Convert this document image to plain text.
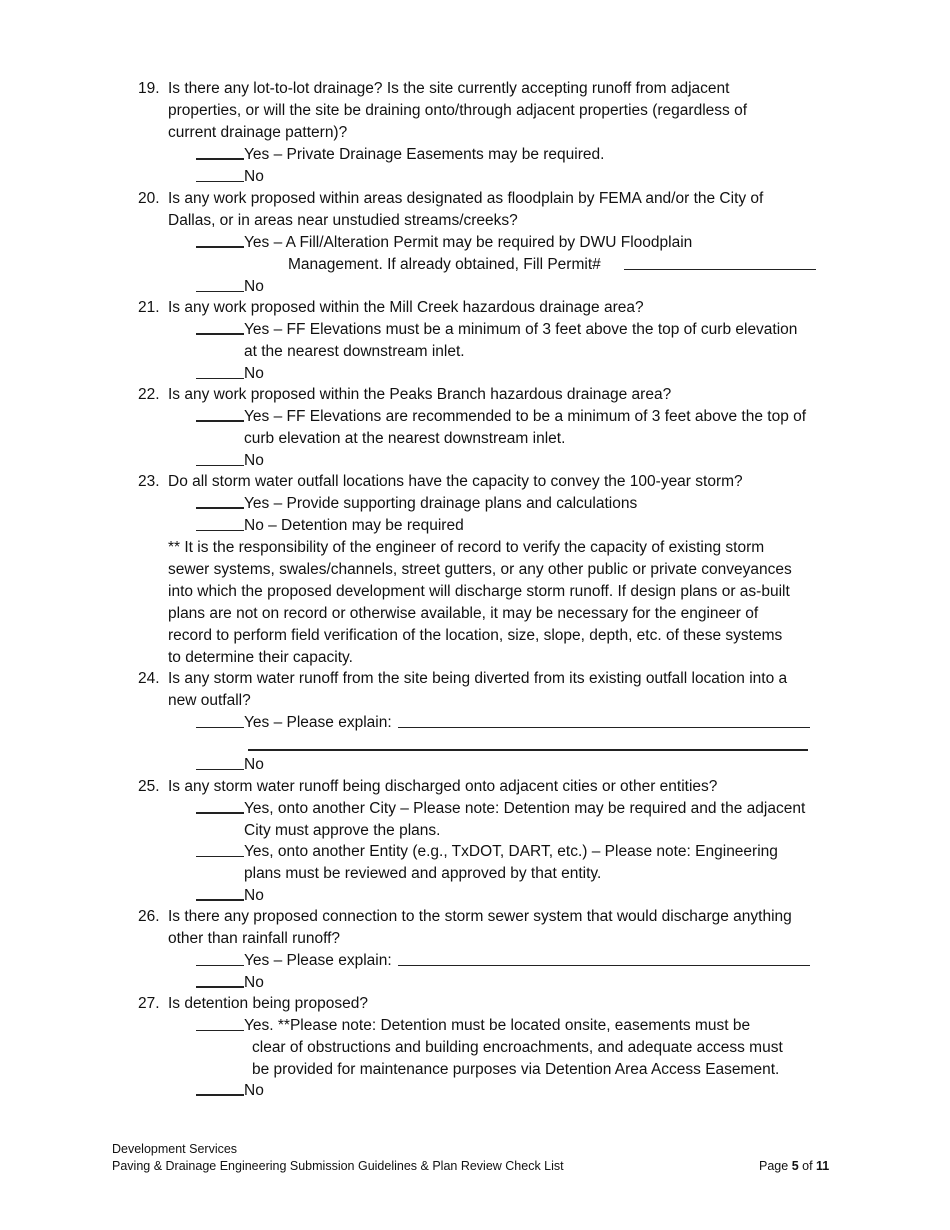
19. Is there any lot-to-lot drainage? Is the site currently accepting runoff from adjacent
properties, or will the site be draining onto/through adjacent properties (regardless of
current drainage pattern)?
Yes – Private Drainage Easements may be required.
No
20. Is any work proposed within areas designated as floodplain by FEMA and/or the City of
Dallas, or in areas near unstudied streams/creeks?
Yes – A Fill/Alteration Permit may be required by DWU Floodplain
Management. If already obtained, Fill Permit#
No
21. Is any work proposed within the Mill Creek hazardous drainage area?
Yes – FF Elevations must be a minimum of 3 feet above the top of curb elevation
at the nearest downstream inlet.
No
22. Is any work proposed within the Peaks Branch hazardous drainage area?
Yes – FF Elevations are recommended to be a minimum of 3 feet above the top of
curb elevation at the nearest downstream inlet.
No
23. Do all storm water outfall locations have the capacity to convey the 100-year storm?
Yes – Provide supporting drainage plans and calculations
No – Detention may be required
** It is the responsibility of the engineer of record to verify the capacity of existing storm
sewer systems, swales/channels, street gutters, or any other public or private conveyances
into which the proposed development will discharge storm runoff. If design plans or as-built
plans are not on record or otherwise available, it may be necessary for the engineer of
record to perform field verification of the location, size, slope, depth, etc. of these systems
to determine their capacity.
24. Is any storm water runoff from the site being diverted from its existing outfall location into a
new outfall?
Yes – Please explain:
No
25. Is any storm water runoff being discharged onto adjacent cities or other entities?
Yes, onto another City – Please note: Detention may be required and the adjacent
City must approve the plans.
Yes, onto another Entity (e.g., TxDOT, DART, etc.) – Please note: Engineering
plans must be reviewed and approved by that entity.
No
26. Is there any proposed connection to the storm sewer system that would discharge anything
other than rainfall runoff?
Yes – Please explain:
No
27. Is detention being proposed?
Yes. **Please note: Detention must be located onsite, easements must be
clear of obstructions and building encroachments, and adequate access must
be provided for maintenance purposes via Detention Area Access Easement.
No
Development Services
Paving & Drainage Engineering Submission Guidelines & Plan Review Check List	Page 5 of 11
